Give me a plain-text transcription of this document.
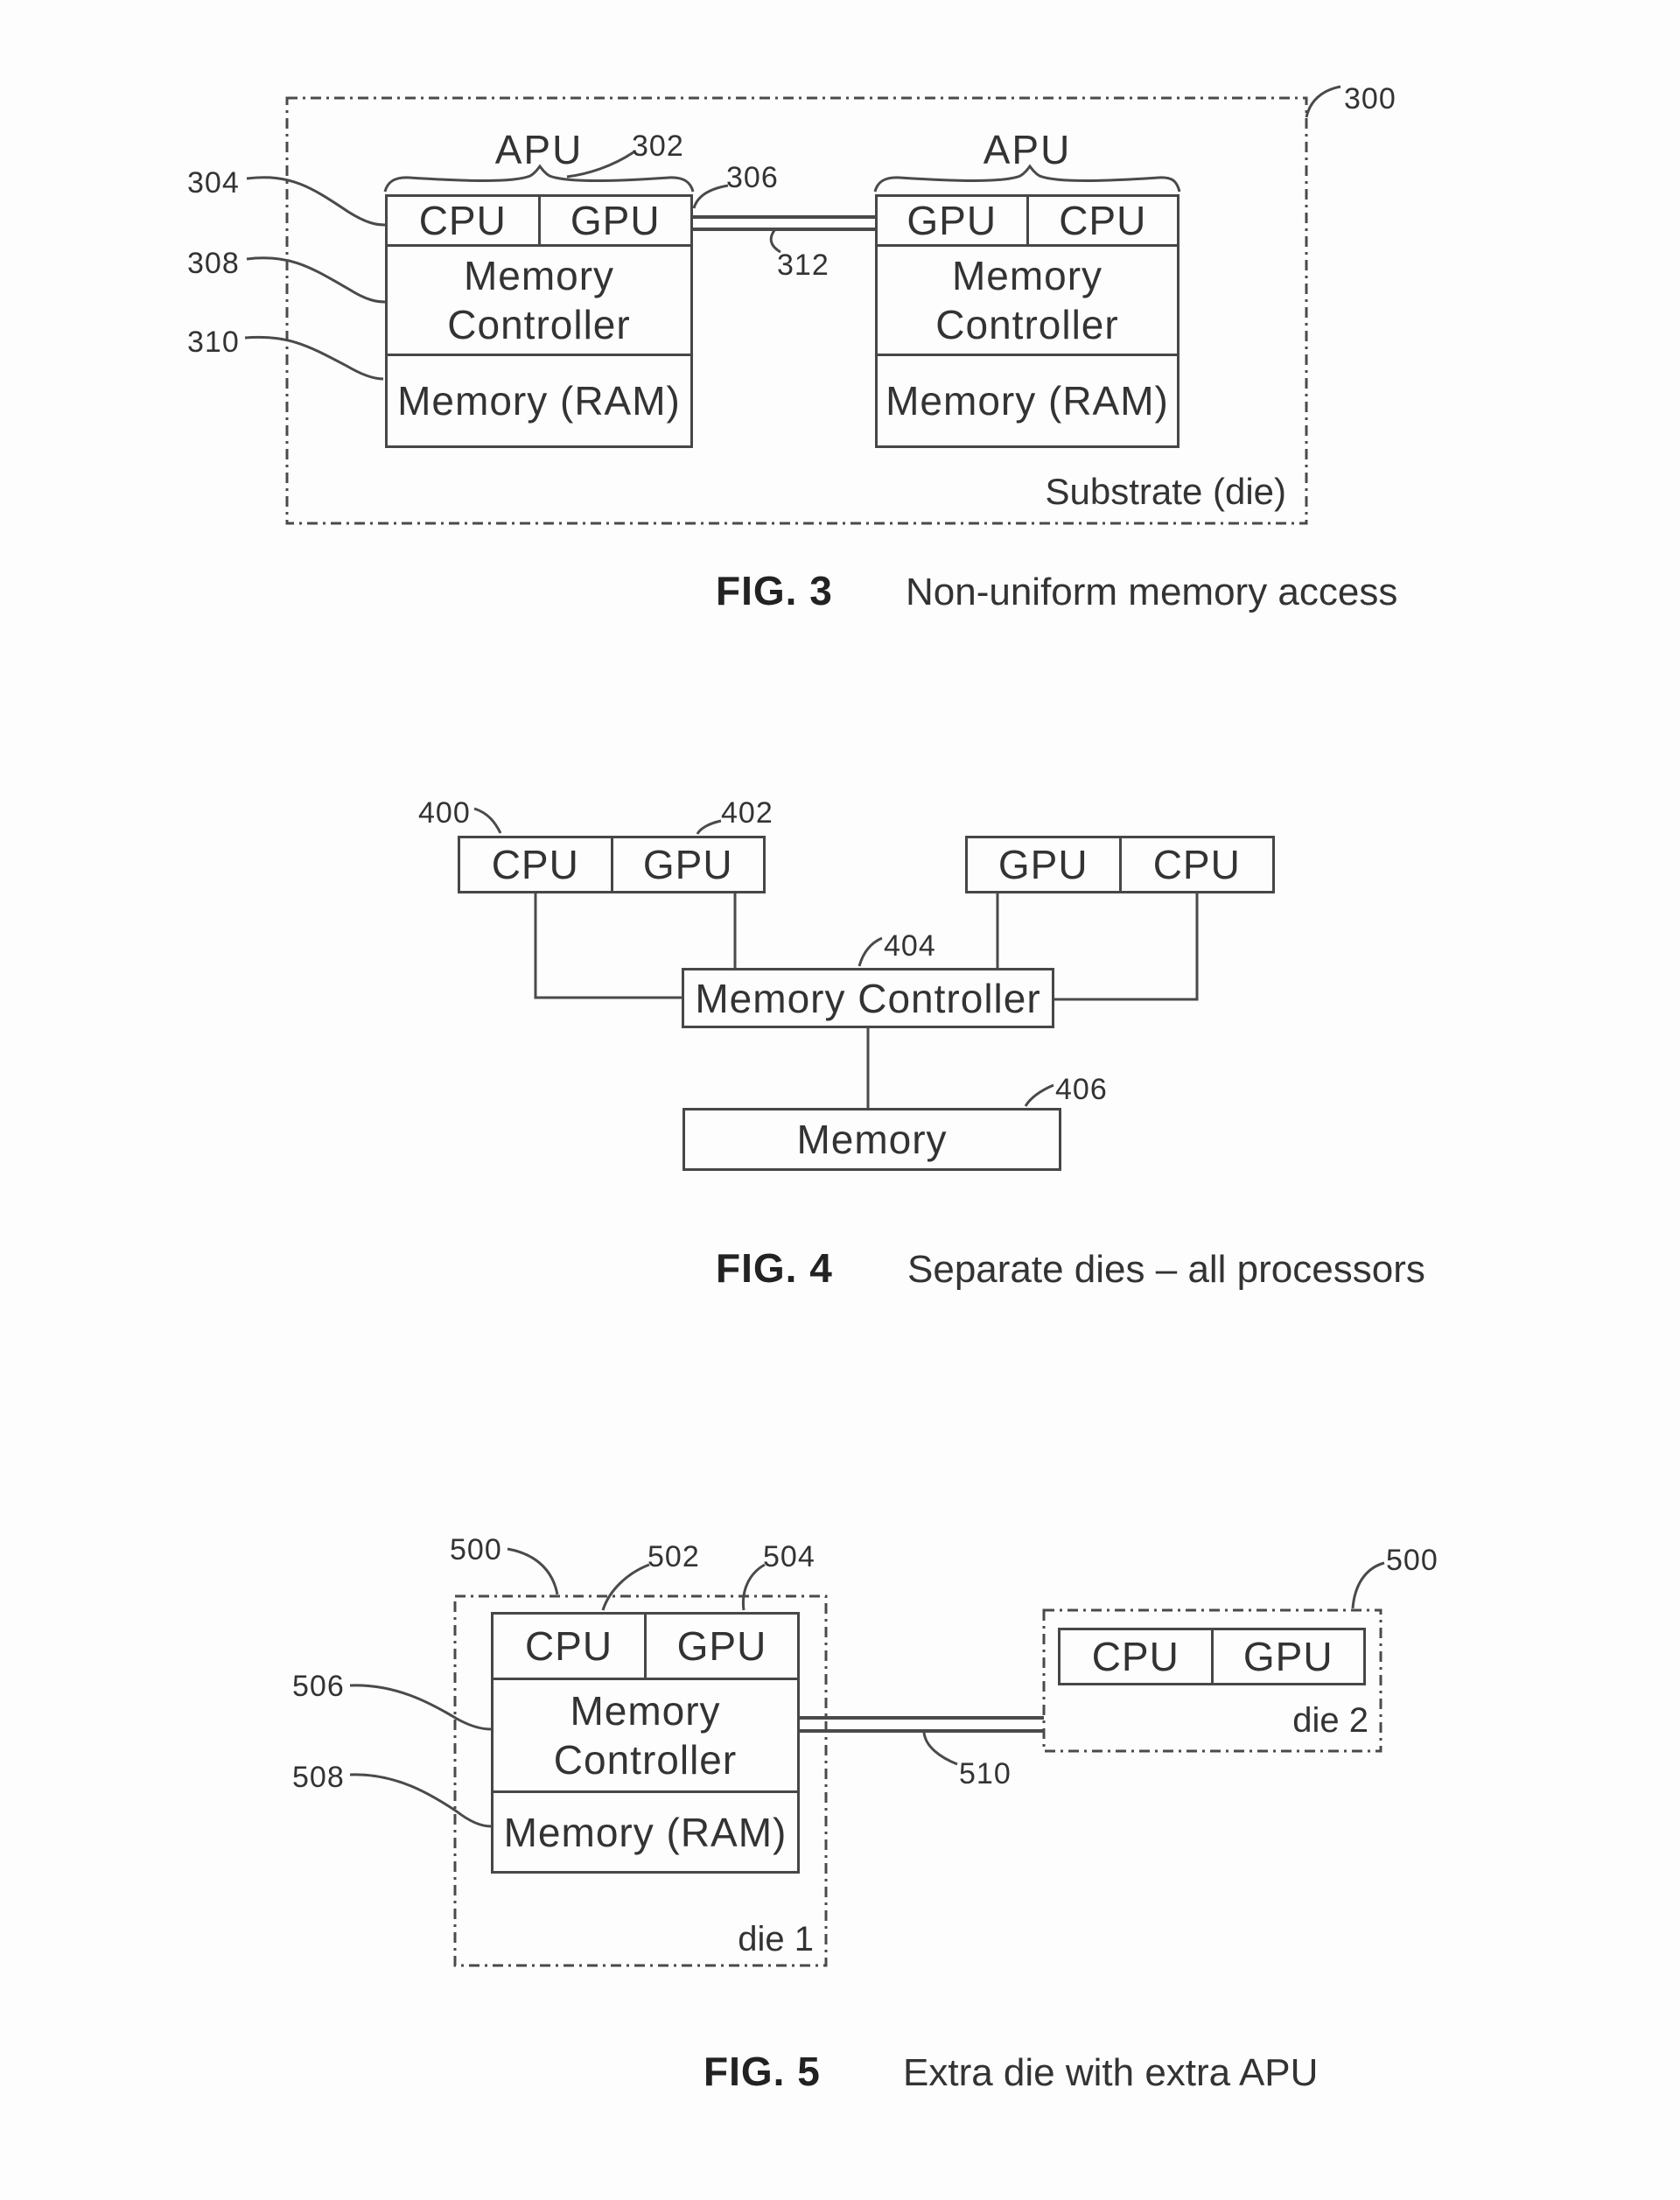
APU	APU
CPU	GPU
Memory
Controller
Memory (RAM)
GPU	CPU
Memory
Controller
Memory (RAM)
Substrate (die)
300
302
304	306
308
310
312
FIG. 3 Non-uniform memory access
CPU	GPU	GPU	CPU
Memory Controller
Memory
400	402
404
406
FIG. 4 Separate dies – all processors
CPU	GPU
Memory
Controller
Memory (RAM)
die 1
CPU	GPU
die 2
500	502 504
506
508	510
500
FIG. 5 Extra die with extra APU
